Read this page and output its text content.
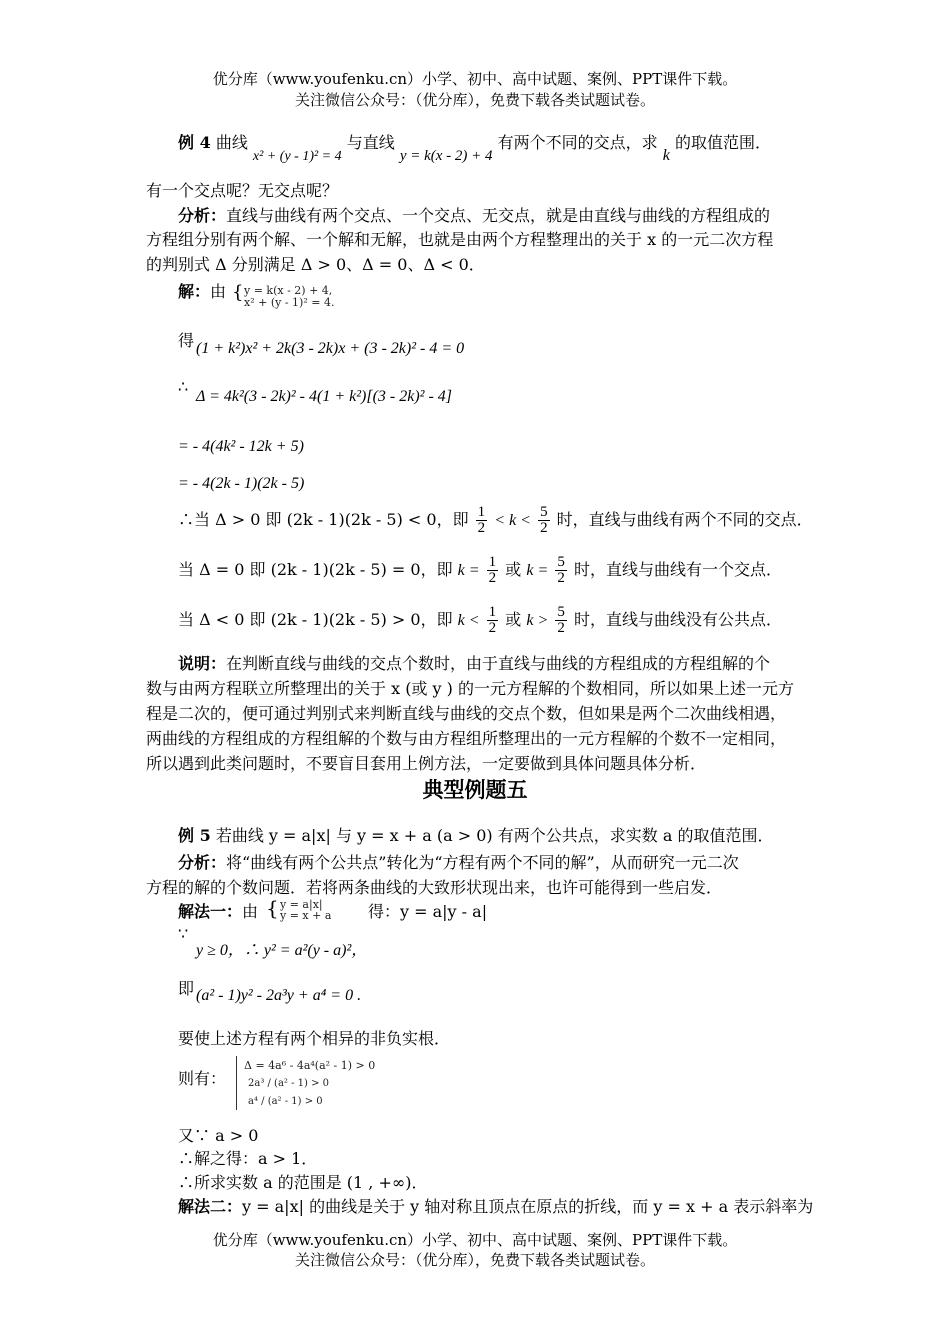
优分库（www.youfenku.cn）小学、初中、高中试题、案例、PPT课件下载。
关注微信公众号：（优分库），免费下载各类试题试卷。
例 4 曲线 x² + (y - 1)² = 4 与直线 y = k(x - 2) + 4 有两个不同的交点，求 k 的取值范围．
有一个交点呢？无交点呢？
分析：直线与曲线有两个交点、一个交点、无交点，就是由直线与曲线的方程组成的
方程组分别有两个解、一个解和无解，也就是由两个方程整理出的关于 x 的一元二次方程
的判别式 Δ 分别满足 Δ > 0、Δ = 0、Δ < 0．
解：由 { y = k(x - 2) + 4,
x² + (y - 1)² = 4.
得 (1 + k²)x² + 2k(3 - 2k)x + (3 - 2k)² - 4 = 0
∴
Δ = 4k²(3 - 2k)² - 4(1 + k²)[(3 - 2k)² - 4]
= - 4(4k² - 12k + 5)
= - 4(2k - 1)(2k - 5)
∴当 Δ > 0 即 (2k - 1)(2k - 5) < 0，即 $\frac{1}{2} < k < \frac{5}{2}$ 时，直线与曲线有两个不同的交点．
当 Δ = 0 即 (2k - 1)(2k - 5) = 0，即 $k = \frac{1}{2}$ 或 $k = \frac{5}{2}$ 时，直线与曲线有一个交点．
当 Δ < 0 即 (2k - 1)(2k - 5) > 0，即 $k < \frac{1}{2}$ 或 $k > \frac{5}{2}$ 时，直线与曲线没有公共点．
说明：在判断直线与曲线的交点个数时，由于直线与曲线的方程组成的方程组解的个
数与由两方程联立所整理出的关于 x (或 y ) 的一元方程解的个数相同，所以如果上述一元方
程是二次的，便可通过判别式来判断直线与曲线的交点个数，但如果是两个二次曲线相遇，
两曲线的方程组成的方程组解的个数与由方程组所整理出的一元方程解的个数不一定相同，
所以遇到此类问题时，不要盲目套用上例方法，一定要做到具体问题具体分析．
典型例题五
例 5 若曲线 y = a|x| 与 y = x + a (a > 0) 有两个公共点，求实数 a 的取值范围．
分析：将“曲线有两个公共点”转化为“方程有两个不同的解”，从而研究一元二次
方程的解的个数问题．若将两条曲线的大致形状现出来，也许可能得到一些启发．
解法一：由 { y = a|x|
y = x + a 得：y = a|y - a|
∵
y ≥ 0，∴ y² = a²(y - a)²，
即 (a² - 1)y² - 2a³y + a⁴ = 0 .
要使上述方程有两个相异的非负实根．
则有：
Δ = 4a⁶ - 4a⁴(a² - 1) > 0
2a³ / (a² - 1) > 0
a⁴ / (a² - 1) > 0
又∵ a > 0
∴解之得：a > 1．
∴所求实数 a 的范围是 (1 , +∞)．
解法二：y = a|x| 的曲线是关于 y 轴对称且顶点在原点的折线，而 y = x + a 表示斜率为
优分库（www.youfenku.cn）小学、初中、高中试题、案例、PPT课件下载。
关注微信公众号：（优分库），免费下载各类试题试卷。
